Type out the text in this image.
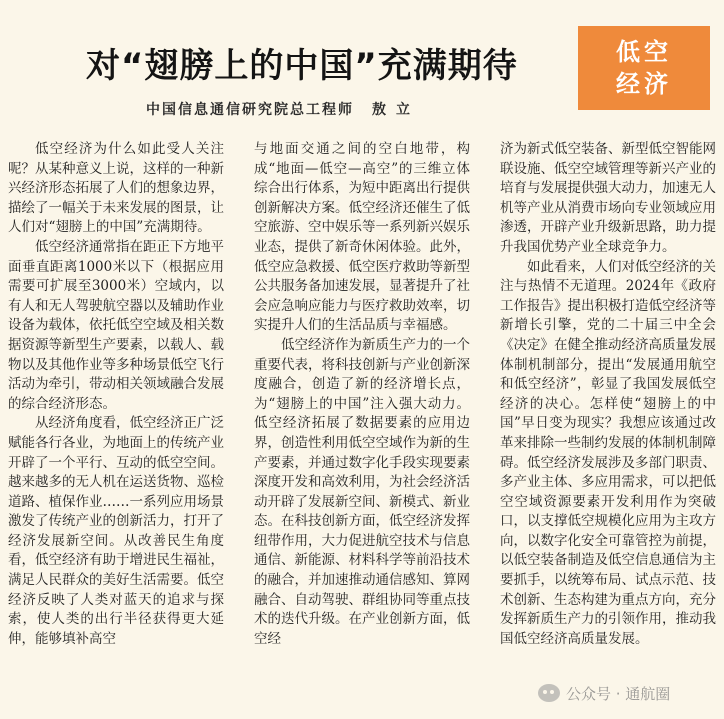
对“翅膀上的中国”充满期待
中国信息通信研究院总工程师 敖立
低空
经济

低空经济为什么如此受人关注呢？从某种意义上说，这样的一种新兴经济形态拓展了人们的想象边界，描绘了一幅关于未来发展的图景，让人们对“翅膀上的中国”充满期待。

低空经济通常指在距正下方地平面垂直距离1000米以下（根据应用需要可扩展至3000米）空域内，以有人和无人驾驶航空器以及辅助作业设备为载体，依托低空空域及相关数据资源等新型生产要素，以载人、载物以及其他作业等多种场景低空飞行活动为牵引，带动相关领域融合发展的综合经济形态。

从经济角度看，低空经济正广泛赋能各行各业，为地面上的传统产业开辟了一个平行、互动的低空空间。越来越多的无人机在运送货物、巡检道路、植保作业……一系列应用场景激发了传统产业的创新活力，打开了经济发展新空间。从改善民生角度看，低空经济有助于增进民生福祉，满足人民群众的美好生活需要。低空经济反映了人类对蓝天的追求与探索，使人类的出行半径获得更大延伸，能够填补高空

与地面交通之间的空白地带，构成“地面—低空—高空”的三维立体综合出行体系，为短中距离出行提供创新解决方案。低空经济还催生了低空旅游、空中娱乐等一系列新兴娱乐业态，提供了新奇休闲体验。此外，低空应急救援、低空医疗救助等新型公共服务备加速发展，显著提升了社会应急响应能力与医疗救助效率，切实提升人们的生活品质与幸福感。

低空经济作为新质生产力的一个重要代表，将科技创新与产业创新深度融合，创造了新的经济增长点，为“翅膀上的中国”注入强大动力。低空经济拓展了数据要素的应用边界，创造性利用低空空域作为新的生产要素，并通过数字化手段实现要素深度开发和高效利用，为社会经济活动开辟了发展新空间、新模式、新业态。在科技创新方面，低空经济发挥纽带作用，大力促进航空技术与信息通信、新能源、材料科学等前沿技术的融合，并加速推动通信感知、算网融合、自动驾驶、群组协同等重点技术的迭代升级。在产业创新方面，低空经

济为新式低空装备、新型低空智能网联设施、低空空域管理等新兴产业的培育与发展提供强大动力，加速无人机等产业从消费市场向专业领域应用渗透，开辟产业升级新思路，助力提升我国优势产业全球竞争力。

如此看来，人们对低空经济的关注与热情不无道理。2024年《政府工作报告》提出积极打造低空经济等新增长引擎，党的二十届三中全会《决定》在健全推动经济高质量发展体制机制部分，提出“发展通用航空和低空经济”，彰显了我国发展低空经济的决心。怎样使“翅膀上的中国”早日变为现实？我想应该通过改革来排除一些制约发展的体制机制障碍。低空经济发展涉及多部门职责、多产业主体、多应用需求，可以把低空空域资源要素开发利用作为突破口，以支撑低空规模化应用为主攻方向，以数字化安全可靠管控为前提，以低空装备制造及低空信息通信为主要抓手，以统筹布局、试点示范、技术创新、生态构建为重点方向，充分发挥新质生产力的引领作用，推动我国低空经济高质量发展。

公众号 · 通航圈
